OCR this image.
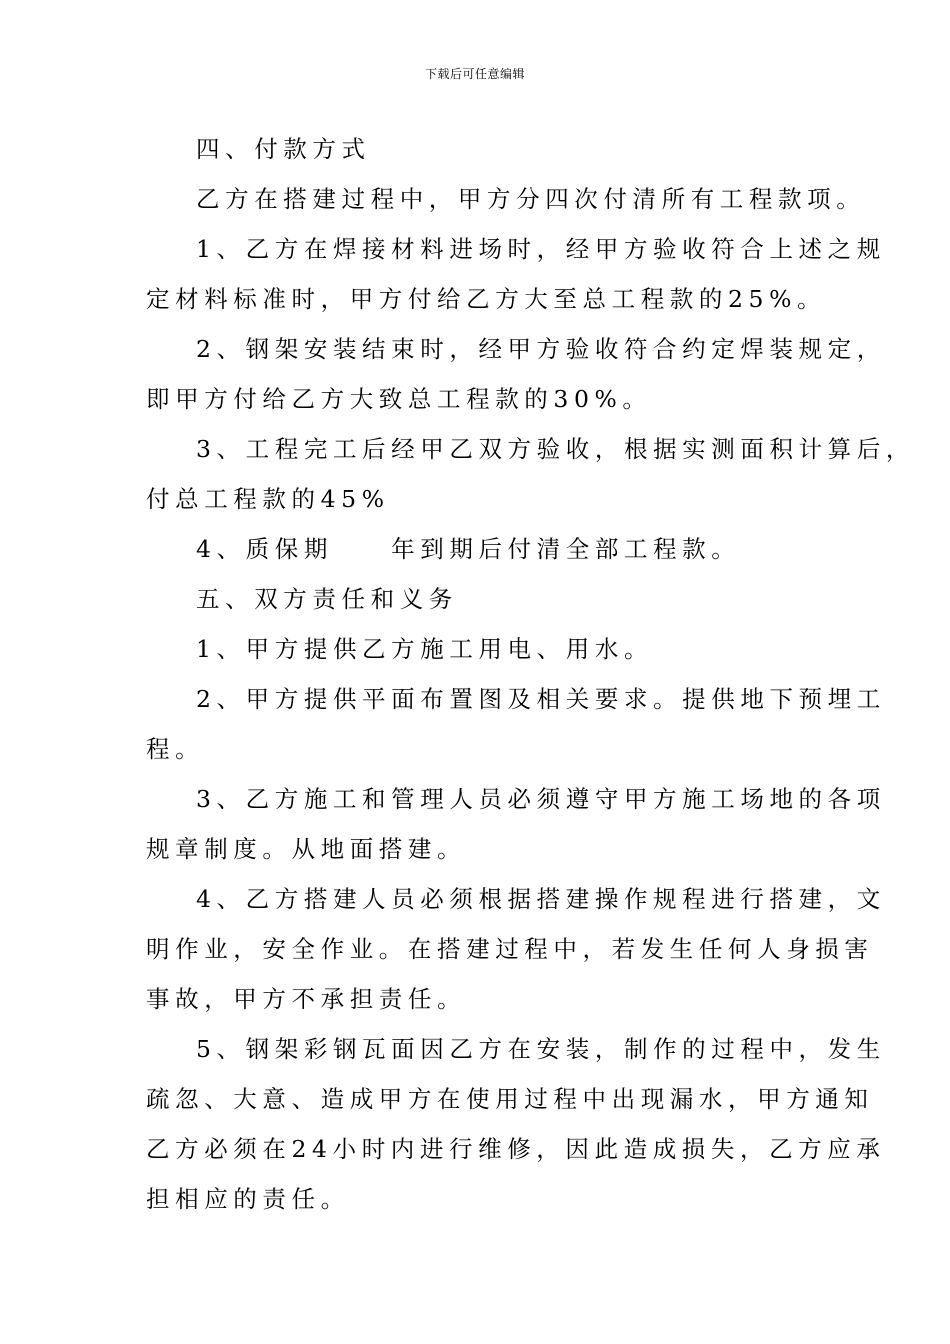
下载后可任意编辑
四、付款方式
乙方在搭建过程中，甲方分四次付清所有工程款项。
1、乙方在焊接材料进场时，经甲方验收符合上述之规
定材料标准时，甲方付给乙方大至总工程款的25%。
2、钢架安装结束时，经甲方验收符合约定焊装规定，
即甲方付给乙方大致总工程款的30%。
3、工程完工后经甲乙双方验收，根据实测面积计算后，
付总工程款的45%
4、质保期　　年到期后付清全部工程款。
五、双方责任和义务
1、甲方提供乙方施工用电、用水。
2、甲方提供平面布置图及相关要求。提供地下预埋工
程。
3、乙方施工和管理人员必须遵守甲方施工场地的各项
规章制度。从地面搭建。
4、乙方搭建人员必须根据搭建操作规程进行搭建，文
明作业，安全作业。在搭建过程中，若发生任何人身损害
事故，甲方不承担责任。
5、钢架彩钢瓦面因乙方在安装，制作的过程中，发生
疏忽、大意、造成甲方在使用过程中出现漏水，甲方通知
乙方必须在24小时内进行维修，因此造成损失，乙方应承
担相应的责任。
